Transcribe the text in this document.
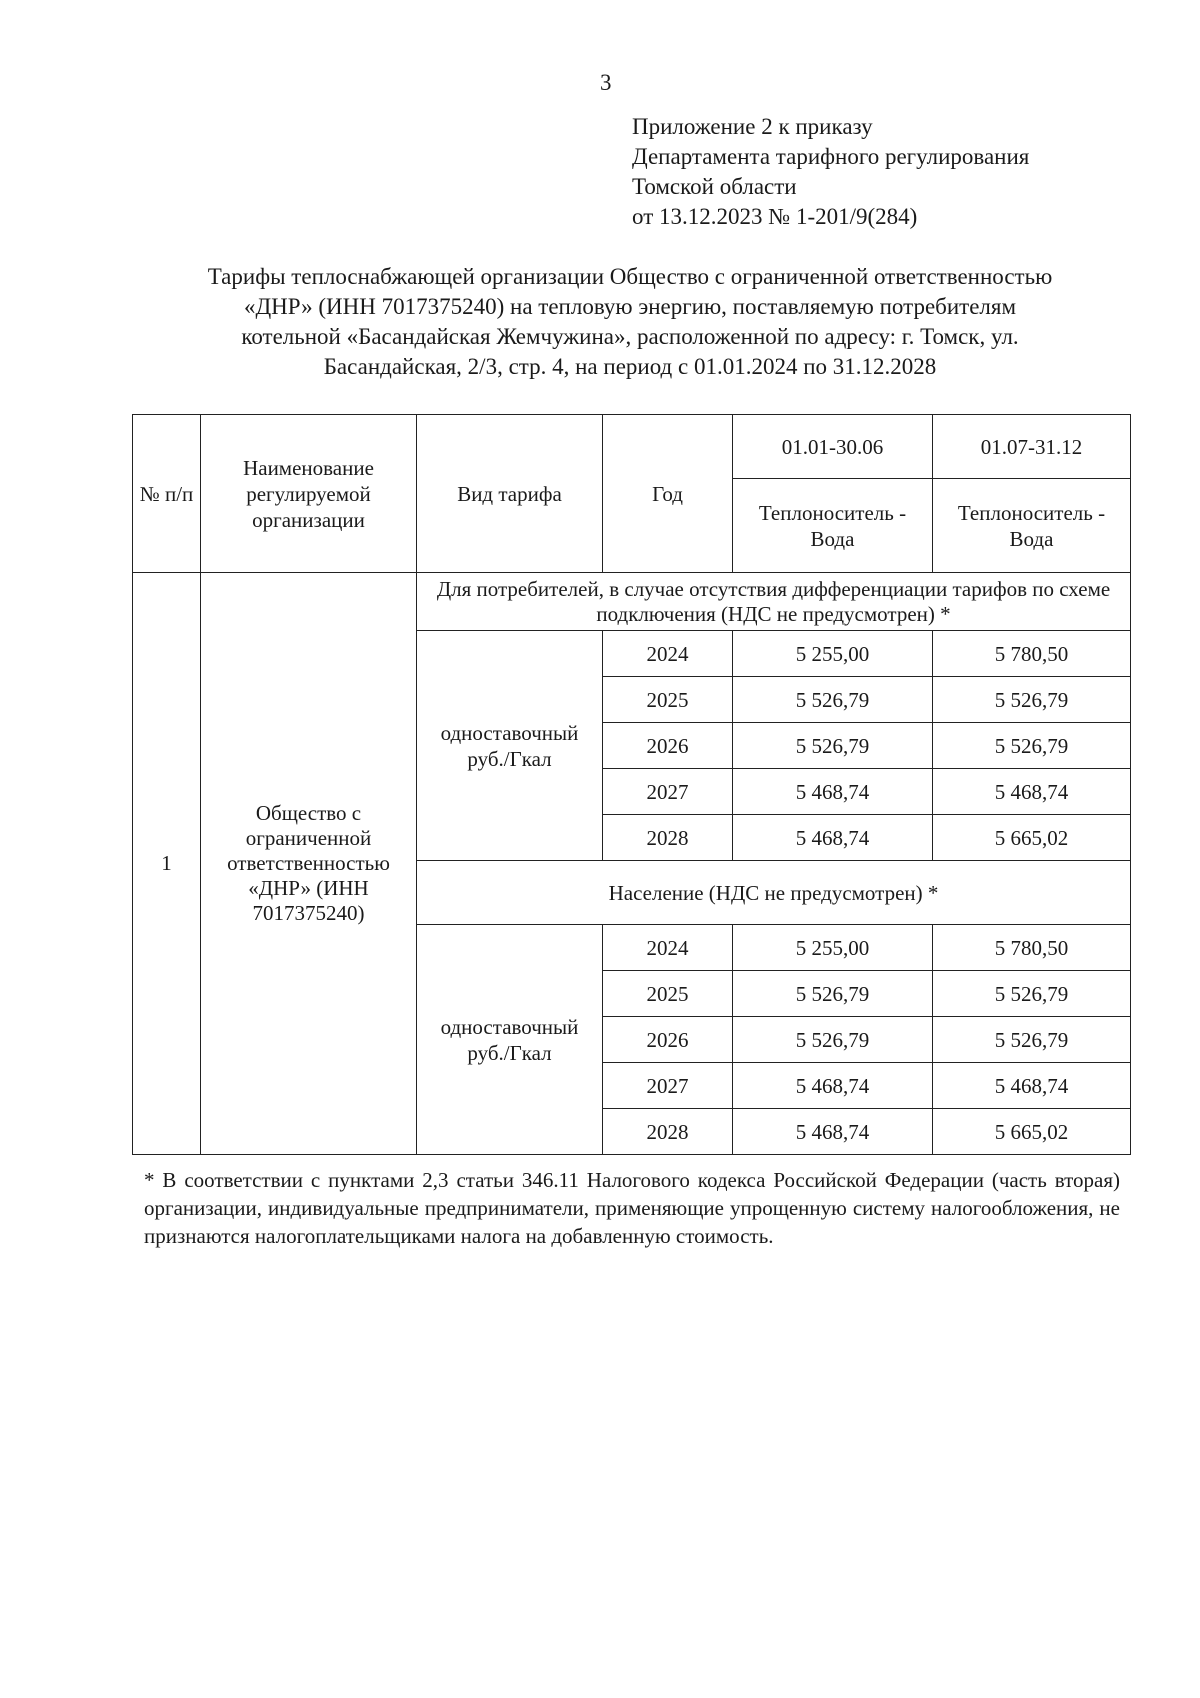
3
Приложение 2 к приказу
Департамента тарифного регулирования
Томской области
от 13.12.2023 № 1-201/9(284)
Тарифы теплоснабжающей организации Общество с ограниченной ответственностью
«ДНР» (ИНН 7017375240) на тепловую энергию, поставляемую потребителям
котельной «Басандайская Жемчужина», расположенной по адресу: г. Томск, ул.
Басандайская, 2/3, стр. 4, на период с 01.01.2024 по 31.12.2028
№ п/п	Наименование регулируемой организации	Вид тарифа	Год	01.01-30.06	01.07-31.12
				Теплоноситель - Вода	Теплоноситель - Вода
1	Общество с ограниченной ответственностью «ДНР» (ИНН 7017375240)	Для потребителей, в случае отсутствия дифференциации тарифов по схеме подключения (НДС не предусмотрен) *			
		одноставочный руб./Гкал	2024	5 255,00	5 780,50
			2025	5 526,79	5 526,79
			2026	5 526,79	5 526,79
			2027	5 468,74	5 468,74
			2028	5 468,74	5 665,02
		Население (НДС не предусмотрен) *			
		одноставочный руб./Гкал	2024	5 255,00	5 780,50
			2025	5 526,79	5 526,79
			2026	5 526,79	5 526,79
			2027	5 468,74	5 468,74
			2028	5 468,74	5 665,02
* В соответствии с пунктами 2,3 статьи 346.11 Налогового кодекса Российской Федерации (часть вторая) организации, индивидуальные предприниматели, применяющие упрощенную систему налогообложения, не признаются налогоплательщиками налога на добавленную стоимость.
